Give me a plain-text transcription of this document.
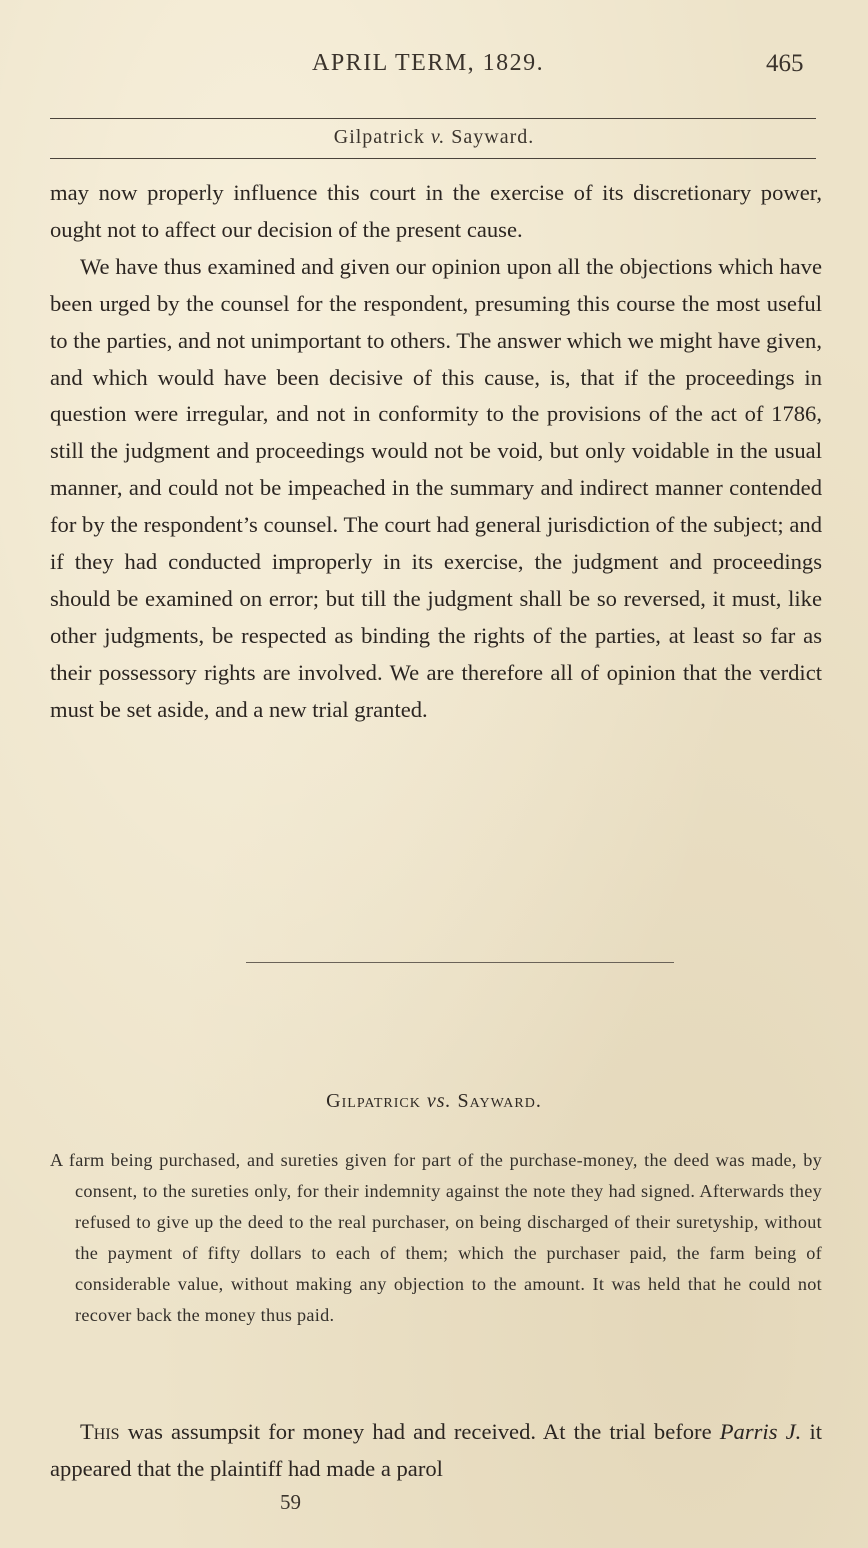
APRIL TERM, 1829.	465
Gilpatrick v. Sayward.

may now properly influence this court in the exercise of its discretionary power, ought not to affect our decision of the present cause.

We have thus examined and given our opinion upon all the objections which have been urged by the counsel for the respondent, presuming this course the most useful to the parties, and not unimportant to others. The answer which we might have given, and which would have been decisive of this cause, is, that if the proceedings in question were irregular, and not in conformity to the provisions of the act of 1786, still the judgment and proceedings would not be void, but only voidable in the usual manner, and could not be impeached in the summary and indirect manner contended for by the respondent’s counsel. The court had general jurisdiction of the subject; and if they had conducted improperly in its exercise, the judgment and proceedings should be examined on error; but till the judgment shall be so reversed, it must, like other judgments, be respected as binding the rights of the parties, at least so far as their possessory rights are involved. We are therefore all of opinion that the verdict must be set aside, and a new trial granted.

Gilpatrick vs. Sayward.
A farm being purchased, and sureties given for part of the purchase-money, the deed was made, by consent, to the sureties only, for their indemnity against the note they had signed. Afterwards they refused to give up the deed to the real purchaser, on being discharged of their suretyship, without the payment of fifty dollars to each of them; which the purchaser paid, the farm being of considerable value, without making any objection to the amount. It was held that he could not recover back the money thus paid.
This was assumpsit for money had and received. At the trial before Parris J. it appeared that the plaintiff had made a parol
59
